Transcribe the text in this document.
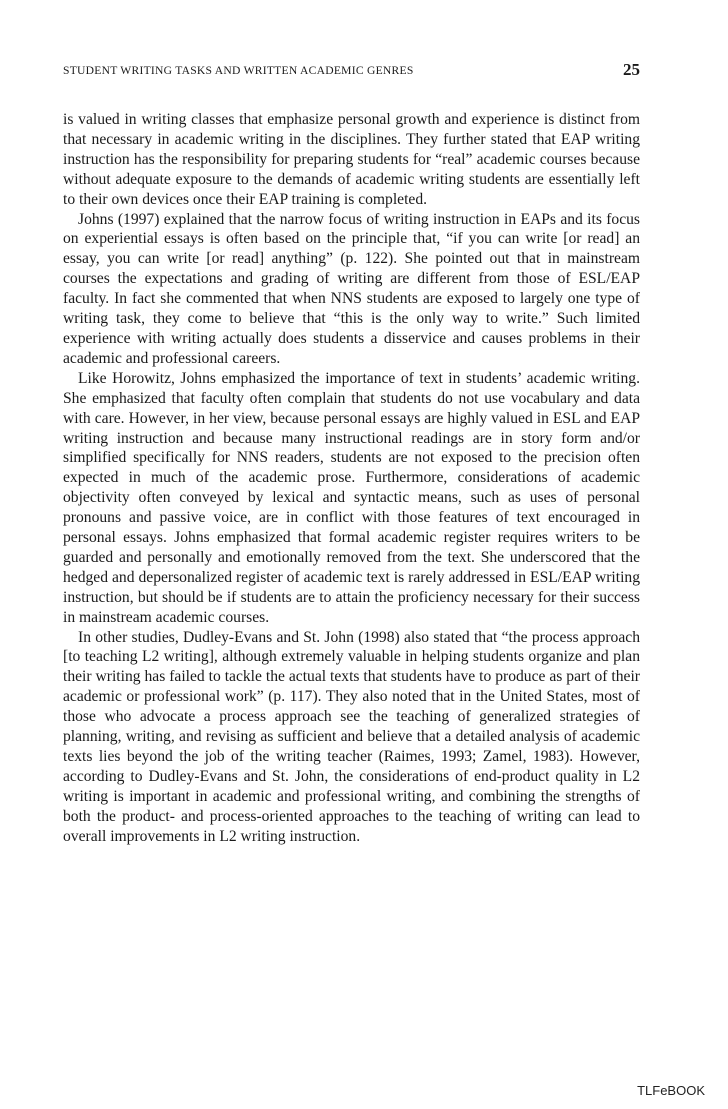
STUDENT WRITING TASKS AND WRITTEN ACADEMIC GENRES	25

is valued in writing classes that emphasize personal growth and experience is distinct from that necessary in academic writing in the disciplines. They further stated that EAP writing instruction has the responsibility for preparing students for “real” academic courses because without adequate exposure to the demands of academic writing students are essentially left to their own devices once their EAP training is completed.

Johns (1997) explained that the narrow focus of writing instruction in EAPs and its focus on experiential essays is often based on the principle that, “if you can write [or read] an essay, you can write [or read] anything” (p. 122). She pointed out that in mainstream courses the expectations and grading of writing are different from those of ESL/EAP faculty. In fact she commented that when NNS students are exposed to largely one type of writing task, they come to believe that “this is the only way to write.” Such limited experience with writing actually does students a disservice and causes problems in their academic and professional careers.

Like Horowitz, Johns emphasized the importance of text in students’ academic writing. She emphasized that faculty often complain that students do not use vocabulary and data with care. However, in her view, because personal essays are highly valued in ESL and EAP writing instruction and because many instructional readings are in story form and/or simplified specifically for NNS readers, students are not exposed to the precision often expected in much of the academic prose. Furthermore, considerations of academic objectivity often conveyed by lexical and syntactic means, such as uses of personal pronouns and passive voice, are in conflict with those features of text encouraged in personal essays. Johns emphasized that formal academic register requires writers to be guarded and personally and emotionally removed from the text. She underscored that the hedged and depersonalized register of academic text is rarely addressed in ESL/EAP writing instruction, but should be if students are to attain the proficiency necessary for their success in mainstream academic courses.

In other studies, Dudley-Evans and St. John (1998) also stated that “the process approach [to teaching L2 writing], although extremely valuable in helping students organize and plan their writing has failed to tackle the actual texts that students have to produce as part of their academic or professional work” (p. 117). They also noted that in the United States, most of those who advocate a process approach see the teaching of generalized strategies of planning, writing, and revising as sufficient and believe that a detailed analysis of academic texts lies beyond the job of the writing teacher (Raimes, 1993; Zamel, 1983). However, according to Dudley-Evans and St. John, the considerations of end-product quality in L2 writing is important in academic and professional writing, and combining the strengths of both the product- and process-oriented approaches to the teaching of writing can lead to overall improvements in L2 writing instruction.

TLFeBOOK
